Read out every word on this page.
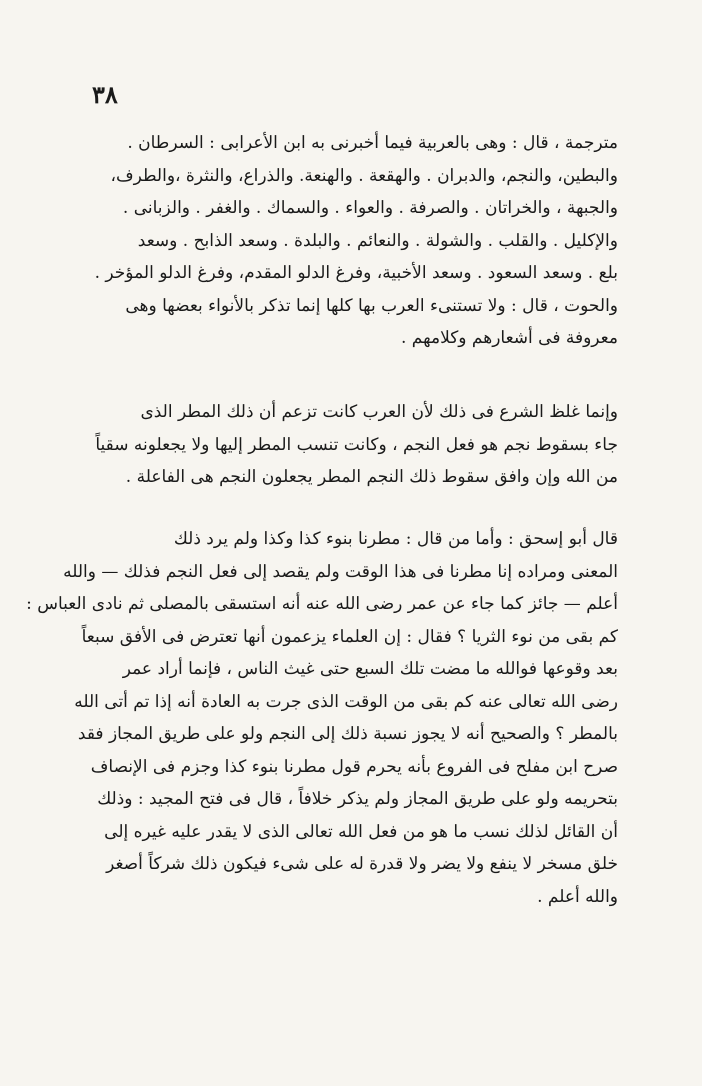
٣٨
مترجمة ، قال : وهى بالعربية فيما أخبرنى به ابن الأعرابى : السرطان .
والبطين، والنجم، والدبران . والهقعة . والهنعة. والذراع، والنثرة ،والطرف،
والجبهة ، والخراتان . والصرفة . والعواء . والسماك . والغفر . والزبانى .
والإكليل . والقلب . والشولة . والنعائم . والبلدة . وسعد الذابح . وسعد
بلع . وسعد السعود . وسعد الأخبية، وفرغ الدلو المقدم، وفرغ الدلو المؤخر .
والحوت ، قال : ولا تستنىء العرب بها كلها إنما تذكر بالأنواء بعضها وهى
معروفة فى أشعارهم وكلامهم .
وإنما غلظ الشرع فى ذلك لأن العرب كانت تزعم أن ذلك المطر الذى
جاء بسقوط نجم هو فعل النجم ، وكانت تنسب المطر إليها ولا يجعلونه سقياً
من الله وإن وافق سقوط ذلك النجم المطر يجعلون النجم هى الفاعلة .
قال أبو إسحق : وأما من قال : مطرنا بنوء كذا وكذا ولم يرد ذلك
المعنى ومراده إنا مطرنا فى هذا الوقت ولم يقصد إلى فعل النجم فذلك — والله
أعلم — جائز كما جاء عن عمر رضى الله عنه أنه استسقى بالمصلى ثم نادى العباس :
كم بقى من نوء الثريا ؟ فقال : إن العلماء يزعمون أنها تعترض فى الأفق سبعاً
بعد وقوعها فوالله ما مضت تلك السبع حتى غيث الناس ، فإنما أراد عمر
رضى الله تعالى عنه كم بقى من الوقت الذى جرت به العادة أنه إذا تم أتى الله
بالمطر ؟ والصحيح أنه لا يجوز نسبة ذلك إلى النجم ولو على طريق المجاز فقد
صرح ابن مفلح فى الفروع بأنه يحرم قول مطرنا بنوء كذا وجزم فى الإنصاف
بتحريمه ولو على طريق المجاز ولم يذكر خلافاً ، قال فى فتح المجيد : وذلك
أن القائل لذلك نسب ما هو من فعل الله تعالى الذى لا يقدر عليه غيره إلى
خلق مسخر لا ينفع ولا يضر ولا قدرة له على شىء فيكون ذلك شركاً أصغر
والله أعلم .
